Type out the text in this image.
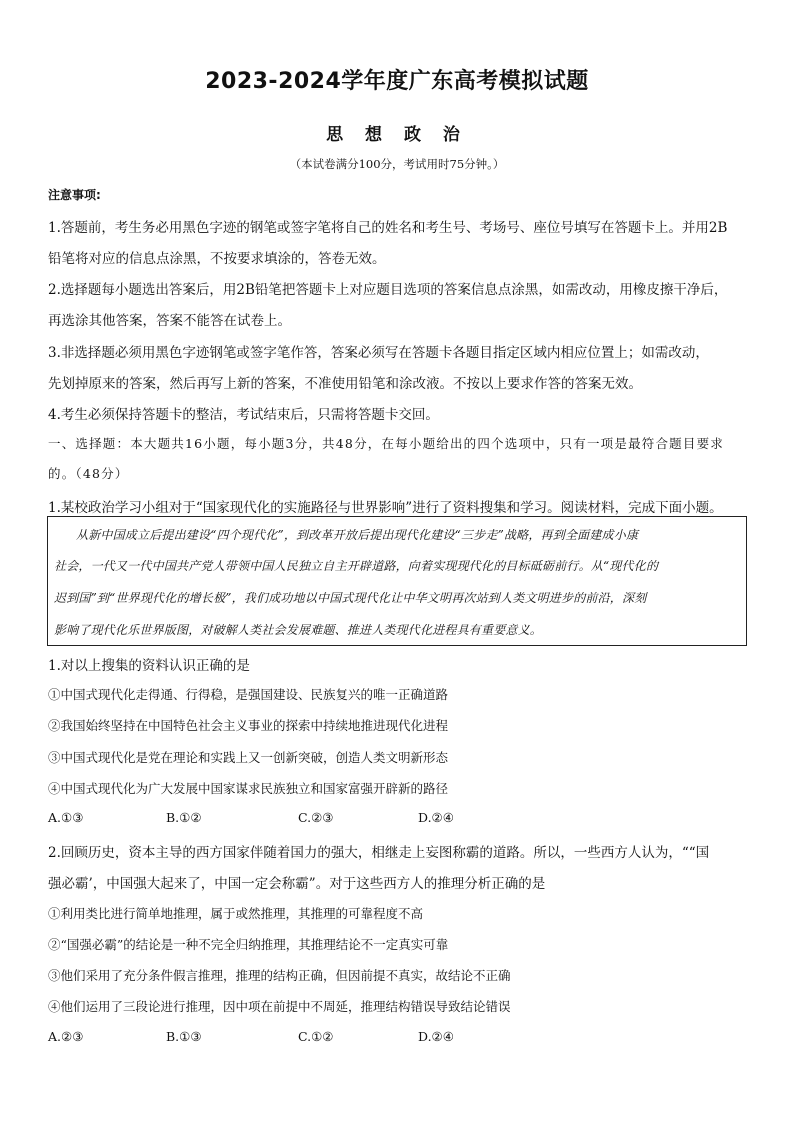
2023-2024学年度广东高考模拟试题
思 想 政 治
（本试卷满分100分，考试用时75分钟。）
注意事项:
1.答题前，考生务必用黑色字迹的钢笔或签字笔将自己的姓名和考生号、考场号、座位号填写在答题卡上。并用2B
铅笔将对应的信息点涂黑，不按要求填涂的，答卷无效。
2.选择题每小题选出答案后，用2B铅笔把答题卡上对应题目选项的答案信息点涂黑，如需改动，用橡皮擦干净后，
再选涂其他答案，答案不能答在试卷上。
3.非选择题必须用黑色字迹钢笔或签字笔作答，答案必须写在答题卡各题目指定区域内相应位置上；如需改动，
先划掉原来的答案，然后再写上新的答案，不准使用铅笔和涂改液。不按以上要求作答的答案无效。
4.考生必须保持答题卡的整洁，考试结束后，只需将答题卡交回。
一、选择题：本大题共16小题，每小题3分，共48分，在每小题给出的四个选项中，只有一项是最符合题目要求
的。（48分）
1.某校政治学习小组对于“国家现代化的实施路径与世界影响”进行了资料搜集和学习。阅读材料，完成下面小题。
从新中国成立后提出建设“四个现代化”，到改革开放后提出现代化建设“三步走”战略，再到全面建成小康
社会，一代又一代中国共产党人带领中国人民独立自主开辟道路，向着实现现代化的目标砥砺前行。从“现代化的
迟到国”到“世界现代化的增长极”，我们成功地以中国式现代化让中华文明再次站到人类文明进步的前沿，深刻
影响了现代化乐世界版图，对破解人类社会发展难题、推进人类现代化进程具有重要意义。
1.对以上搜集的资料认识正确的是
①中国式现代化走得通、行得稳，是强国建设、民族复兴的唯一正确道路
②我国始终坚持在中国特色社会主义事业的探索中持续地推进现代化进程
③中国式现代化是党在理论和实践上又一创新突破，创造人类文明新形态
④中国式现代化为广大发展中国家谋求民族独立和国家富强开辟新的路径
A.①③	B.①②	C.②③	D.②④
2.回顾历史，资本主导的西方国家伴随着国力的强大，相继走上妄图称霸的道路。所以，一些西方人认为，““国
强必霸’，中国强大起来了，中国一定会称霸”。对于这些西方人的推理分析正确的是
①利用类比进行简单地推理，属于或然推理，其推理的可靠程度不高
②“国强必霸”的结论是一种不完全归纳推理，其推理结论不一定真实可靠
③他们采用了充分条件假言推理，推理的结构正确，但因前提不真实，故结论不正确
④他们运用了三段论进行推理，因中项在前提中不周延，推理结构错误导致结论错误
A.②③	B.①③	C.①②	D.②④
